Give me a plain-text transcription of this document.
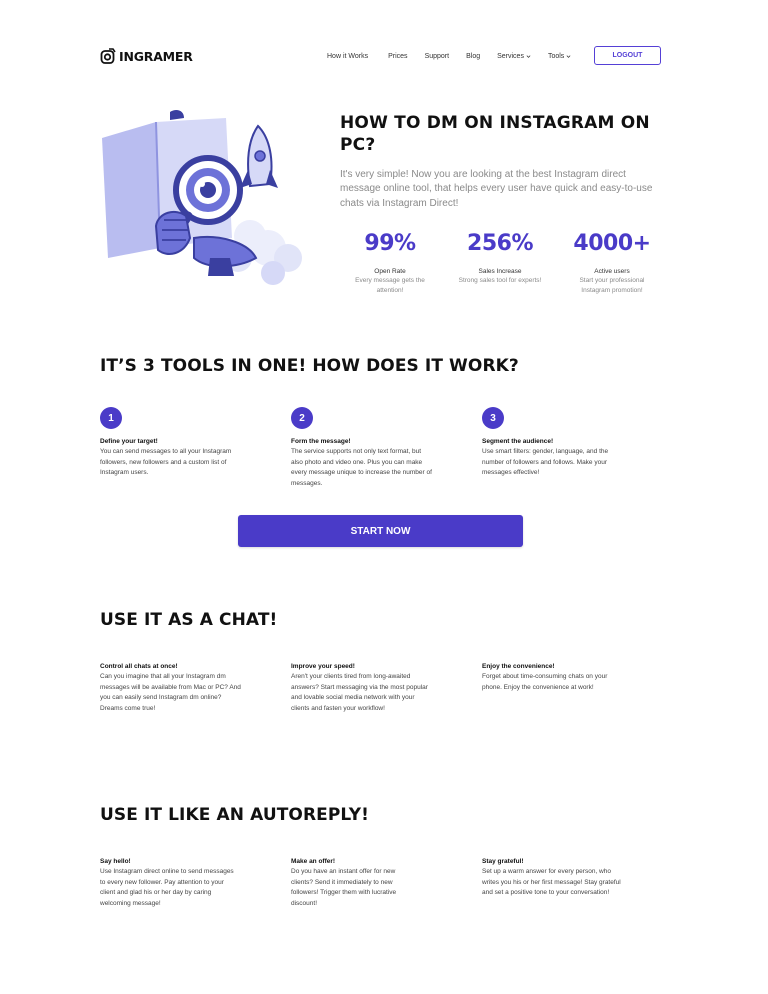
INGRAMER	How it Works	Prices Support Blog Services	Tools	LOGOUT
HOW TO DM ON INSTAGRAM ON PC?
It's very simple! Now you are looking at the best Instagram direct message online tool, that helps every user have quick and easy-to-use chats via Instagram Direct!
99%
Open Rate
Every message gets the attention!
256%
Sales Increase
Strong sales tool for experts!
4000+
Active users
Start your professional Instagram promotion!
IT’S 3 TOOLS IN ONE! HOW DOES IT WORK?
1
Define your target!
You can send messages to all your Instagram followers, new followers and a custom list of Instagram users.
2
Form the message!
The service supports not only text format, but also photo and video one. Plus you can make every message unique to increase the number of messages.
3
Segment the audience!
Use smart filters: gender, language, and the number of followers and follows. Make your messages effective!
START NOW
USE IT AS A CHAT!
Control all chats at once!
Can you imagine that all your Instagram dm messages will be available from Mac or PC? And you can easily send Instagram dm online? Dreams come true!
Improve your speed!
Aren't your clients tired from long-awaited answers? Start messaging via the most popular and lovable social media network with your clients and fasten your workflow!
Enjoy the convenience!
Forget about time-consuming chats on your phone. Enjoy the convenience at work!
USE IT LIKE AN AUTOREPLY!
Say hello!
Use Instagram direct online to send messages to every new follower. Pay attention to your client and glad his or her day by caring welcoming message!
Make an offer!
Do you have an instant offer for new clients? Send it immediately to new followers! Trigger them with lucrative discount!
Stay grateful!
Set up a warm answer for every person, who writes you his or her first message! Stay grateful and set a positive tone to your conversation!
